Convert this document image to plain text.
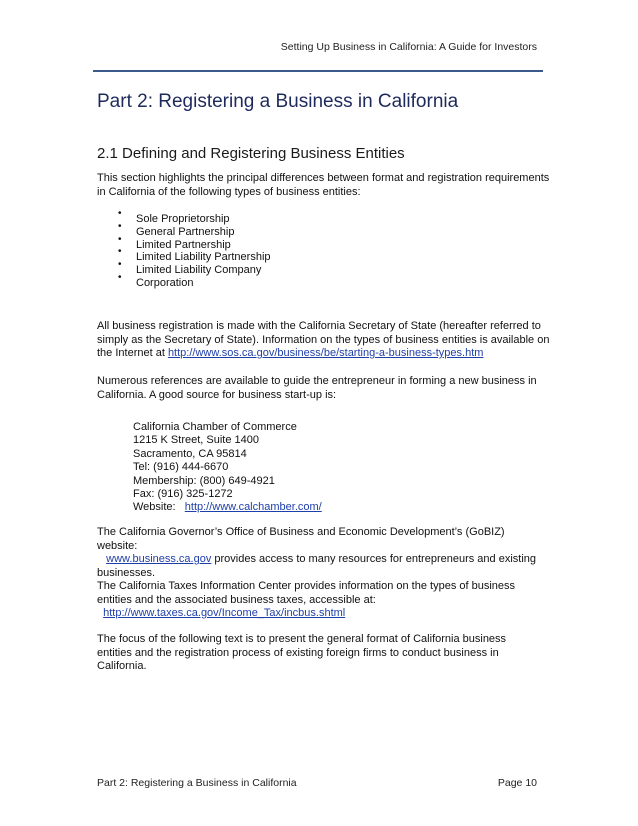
Setting Up Business in California: A Guide for Investors
Part 2: Registering a Business in California
2.1 Defining and Registering Business Entities

This section highlights the principal differences between format and registration requirements in California of the following types of business entities:

• Sole Proprietorship
• General Partnership
• Limited Partnership
• Limited Liability Partnership
• Limited Liability Company
• Corporation

All business registration is made with the California Secretary of State (hereafter referred to simply as the Secretary of State). Information on the types of business entities is available on the Internet at http://www.sos.ca.gov/business/be/starting-a-business-types.htm

Numerous references are available to guide the entrepreneur in forming a new business in California. A good source for business start-up is:

California Chamber of Commerce
1215 K Street, Suite 1400
Sacramento, CA 95814
Tel: (916) 444-6670
Membership: (800) 649-4921
Fax: (916) 325-1272
Website: http://www.calchamber.com/

The California Governor’s Office of Business and Economic Development’s (GoBIZ) website:
www.business.ca.gov provides access to many resources for entrepreneurs and existing businesses.

The California Taxes Information Center provides information on the types of business entities and the associated business taxes, accessible at:
http://www.taxes.ca.gov/Income_Tax/incbus.shtml

The focus of the following text is to present the general format of California business entities and the registration process of existing foreign firms to conduct business in California.

Part 2: Registering a Business in California	Page 10
